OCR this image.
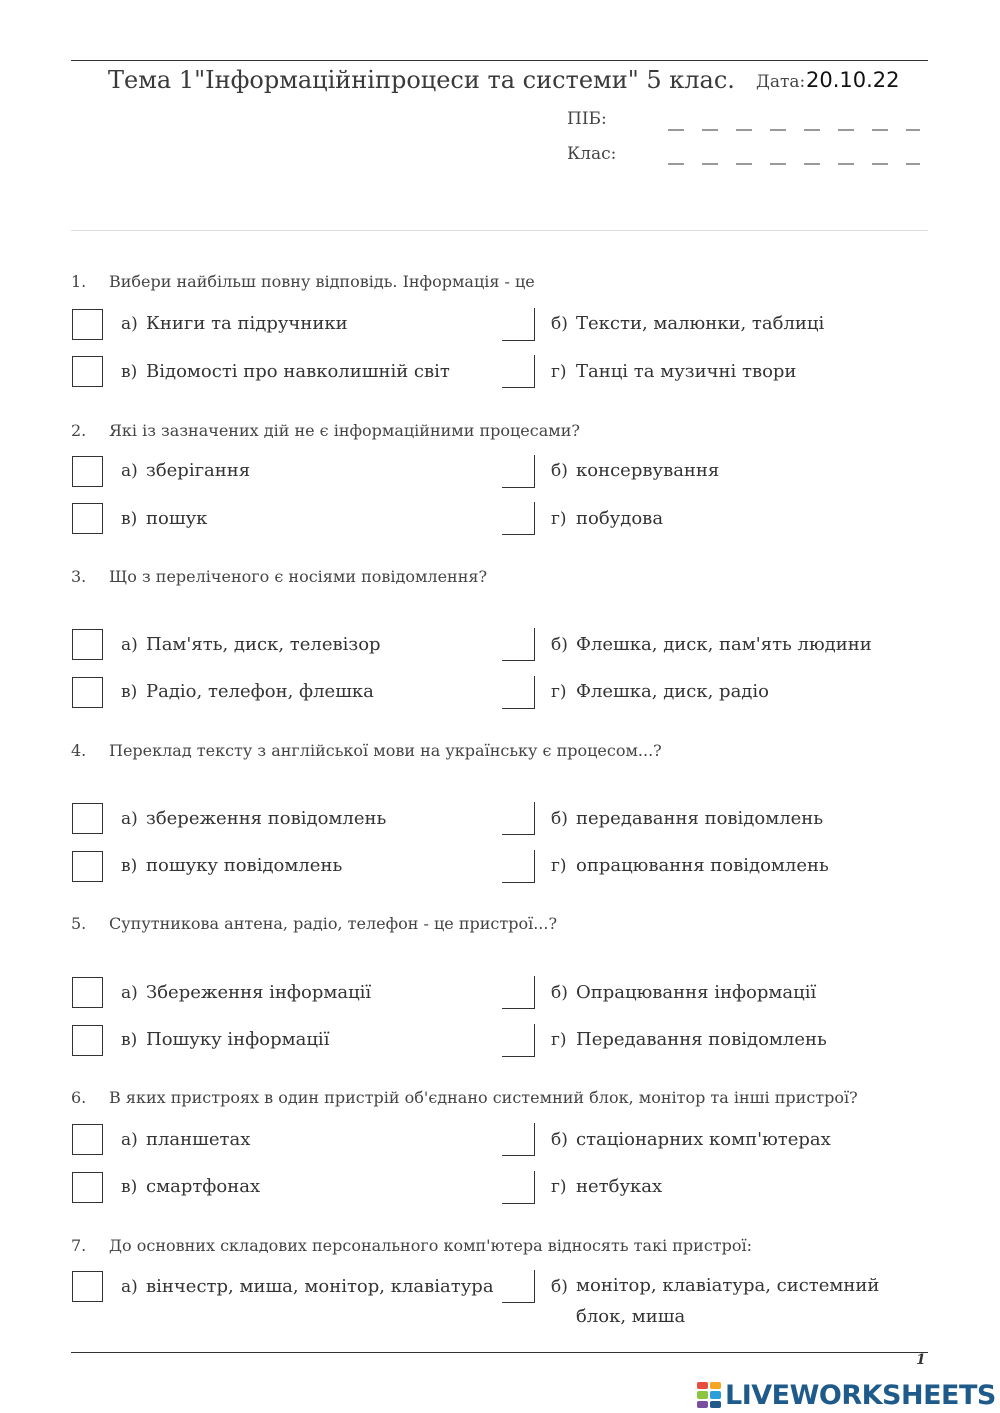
Тема 1"Інформаційніпроцеси та системи" 5 клас. Дата: 20.10.22
ПІБ:
Клас:
1. Вибери найбільш повну відповідь. Інформація - це
а) Книги та підручники	б) Тексти, малюнки, таблиці
в) Відомості про навколишній світ	г) Танці та музичні твори
2. Які із зазначених дій не є інформаційними процесами?
а) зберігання	б) консервування
в) пошук	г) побудова
3. Що з переліченого є носіями повідомлення?
а) Пам'ять, диск, телевізор	б) Флешка, диск, пам'ять людини
в) Радіо, телефон, флешка	г) Флешка, диск, радіо
4. Переклад тексту з англійської мови на українську є процесом...?
а) збереження повідомлень	б) передавання повідомлень
в) пошуку повідомлень	г) опрацювання повідомлень
5. Супутникова антена, радіо, телефон - це пристрої...?
а) Збереження інформації	б) Опрацювання інформації
в) Пошуку інформації	г) Передавання повідомлень
6. В яких пристроях в один пристрій об'єднано системний блок, монітор та інші пристрої?
а) планшетах	б) стаціонарних комп'ютерах
в) смартфонах	г) нетбуках
7. До основних складових персонального комп'ютера відносять такі пристрої:
а) вінчестр, миша, монітор, клавіатура	б) монітор, клавіатура, системний блок, миша
1
LIVEWORKSHEETS
